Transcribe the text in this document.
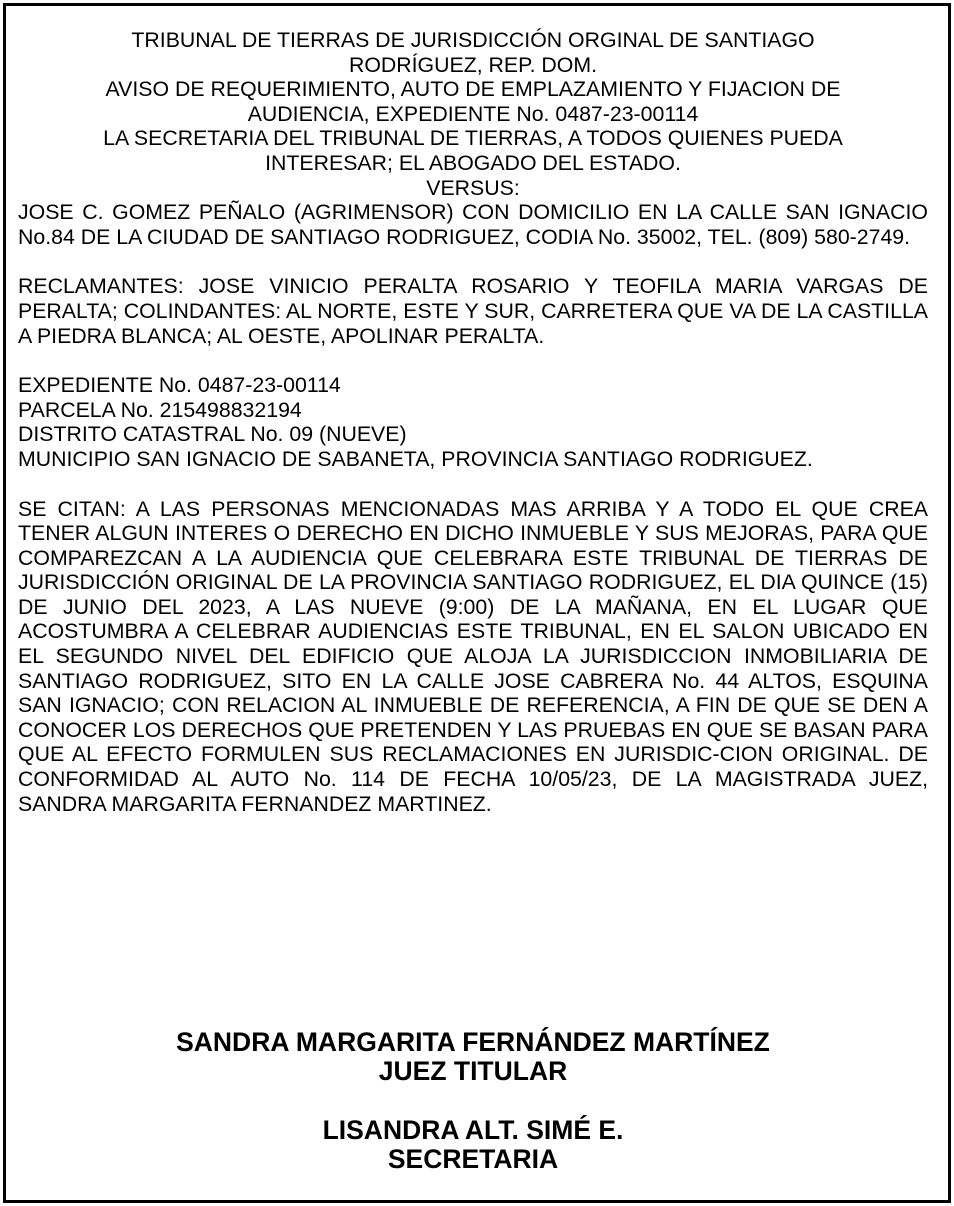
TRIBUNAL DE TIERRAS DE JURISDICCIÓN ORGINAL DE SANTIAGO
RODRÍGUEZ, REP. DOM.

AVISO DE REQUERIMIENTO, AUTO DE EMPLAZAMIENTO Y FIJACION DE
AUDIENCIA, EXPEDIENTE No. 0487-23-00114

LA SECRETARIA DEL TRIBUNAL DE TIERRAS, A TODOS QUIENES PUEDA
INTERESAR; EL ABOGADO DEL ESTADO.

VERSUS:

JOSE C. GOMEZ PEÑALO (AGRIMENSOR) CON DOMICILIO EN LA CALLE SAN IGNACIO No.84 DE LA CIUDAD DE SANTIAGO RODRIGUEZ, CODIA No. 35002, TEL. (809) 580-2749.

RECLAMANTES: JOSE VINICIO PERALTA ROSARIO Y TEOFILA MARIA VARGAS DE PERALTA; COLINDANTES: AL NORTE, ESTE Y SUR, CARRETERA QUE VA DE LA CASTILLA A PIEDRA BLANCA; AL OESTE, APOLINAR PERALTA.

EXPEDIENTE No. 0487-23-00114
PARCELA No. 215498832194
DISTRITO CATASTRAL No. 09 (NUEVE)
MUNICIPIO SAN IGNACIO DE SABANETA, PROVINCIA SANTIAGO RODRIGUEZ.

SE CITAN: A LAS PERSONAS MENCIONADAS MAS ARRIBA Y A TODO EL QUE CREA TENER ALGUN INTERES O DERECHO EN DICHO INMUEBLE Y SUS MEJORAS, PARA QUE COMPAREZCAN A LA AUDIENCIA QUE CELEBRARA ESTE TRIBUNAL DE TIERRAS DE JURISDICCIÓN ORIGINAL DE LA PROVINCIA SANTIAGO RODRIGUEZ, EL DIA QUINCE (15) DE JUNIO DEL 2023, A LAS NUEVE (9:00) DE LA MAÑANA, EN EL LUGAR QUE ACOSTUMBRA A CELEBRAR AUDIENCIAS ESTE TRIBUNAL, EN EL SALON UBICADO EN EL SEGUNDO NIVEL DEL EDIFICIO QUE ALOJA LA JURISDICCION INMOBILIARIA DE SANTIAGO RODRIGUEZ, SITO EN LA CALLE JOSE CABRERA No. 44 ALTOS, ESQUINA SAN IGNACIO; CON RELACION AL INMUEBLE DE REFERENCIA, A FIN DE QUE SE DEN A CONOCER LOS DERECHOS QUE PRETENDEN Y LAS PRUEBAS EN QUE SE BASAN PARA QUE AL EFECTO FORMULEN SUS RECLAMACIONES EN JURISDIC-CION ORIGINAL. DE CONFORMIDAD AL AUTO No. 114 DE FECHA 10/05/23, DE LA MAGISTRADA JUEZ, SANDRA MARGARITA FERNANDEZ MARTINEZ.

SANDRA MARGARITA FERNÁNDEZ MARTÍNEZ
JUEZ TITULAR
LISANDRA ALT. SIMÉ E.
SECRETARIA
